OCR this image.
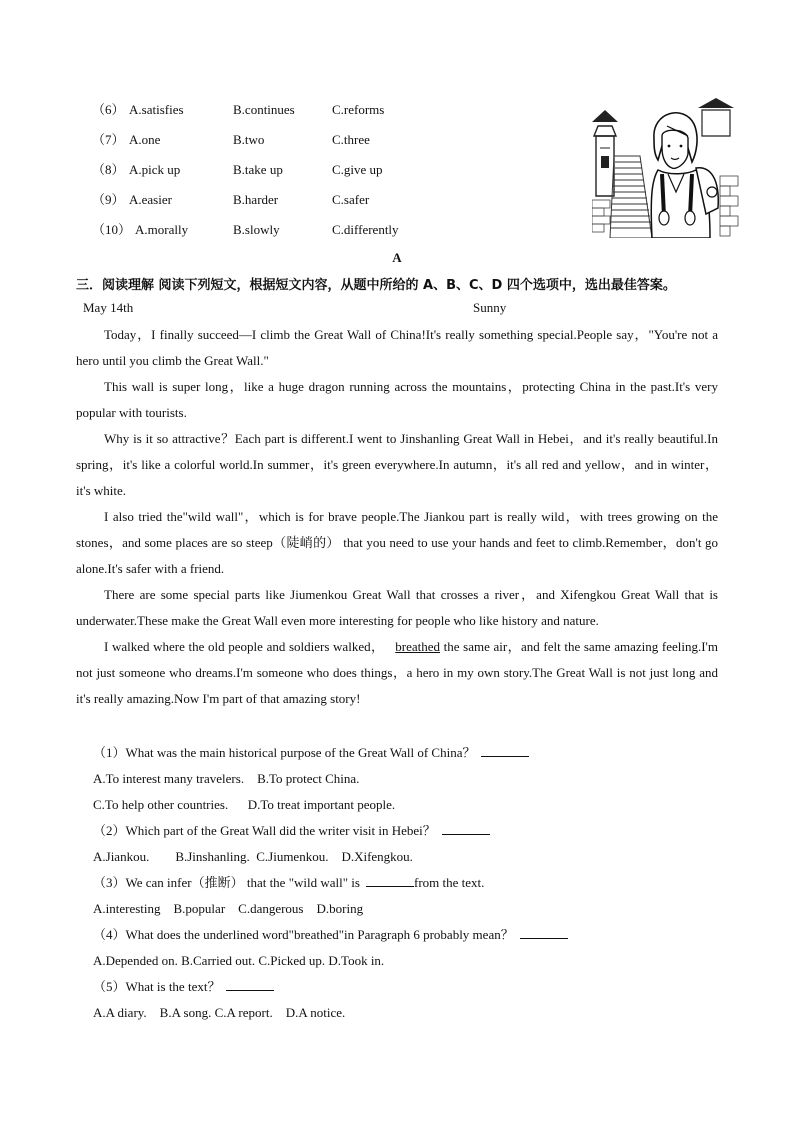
（6） A.satisfies	B.continues	C.reforms
（7） A.one	B.two	C.three
（8） A.pick up	B.take up	C.give up
（9） A.easier	B.harder	C.safer
（10） A.morally	B.slowly	C.differently
A
三．阅读理解 阅读下列短文，根据短文内容，从题中所给的 A、B、C、D 四个选项中，选出最佳答案。
May 14th	Sunny

Today，I finally succeed—I climb the Great Wall of China!It's really something special.People say，"You're not a hero until you climb the Great Wall."

This wall is super long，like a huge dragon running across the mountains，protecting China in the past.It's very popular with tourists.

Why is it so attractive？Each part is different.I went to Jinshanling Great Wall in Hebei，and it's really beautiful.In spring，it's like a colorful world.In summer，it's green everywhere.In autumn，it's all red and yellow，and in winter，it's white.

I also tried the"wild wall"，which is for brave people.The Jiankou part is really wild，with trees growing on the stones，and some places are so steep（陡峭的） that you need to use your hands and feet to climb.Remember，don't go alone.It's safer with a friend.

There are some special parts like Jiumenkou Great Wall that crosses a river，and Xifengkou Great Wall that is underwater.These make the Great Wall even more interesting for people who like history and nature.

I walked where the old people and soldiers walked， breathed the same air，and felt the same amazing feeling.I'm not just someone who dreams.I'm someone who does things，a hero in my own story.The Great Wall is not just long and it's really amazing.Now I'm part of that amazing story!

（1）What was the main historical purpose of the Great Wall of China？
A.To interest many travelers.    B.To protect China.
C.To help other countries.      D.To treat important people.
（2）Which part of the Great Wall did the writer visit in Hebei？
A.Jiankou.        B.Jinshanling.  C.Jiumenkou.    D.Xifengkou.
（3）We can infer（推断） that the "wild wall" is	from the text.
A.interesting    B.popular    C.dangerous    D.boring
（4）What does the underlined word"breathed"in Paragraph 6 probably mean？
A.Depended on. B.Carried out. C.Picked up. D.Took in.
（5）What is the text？
A.A diary.    B.A song. C.A report.    D.A notice.
